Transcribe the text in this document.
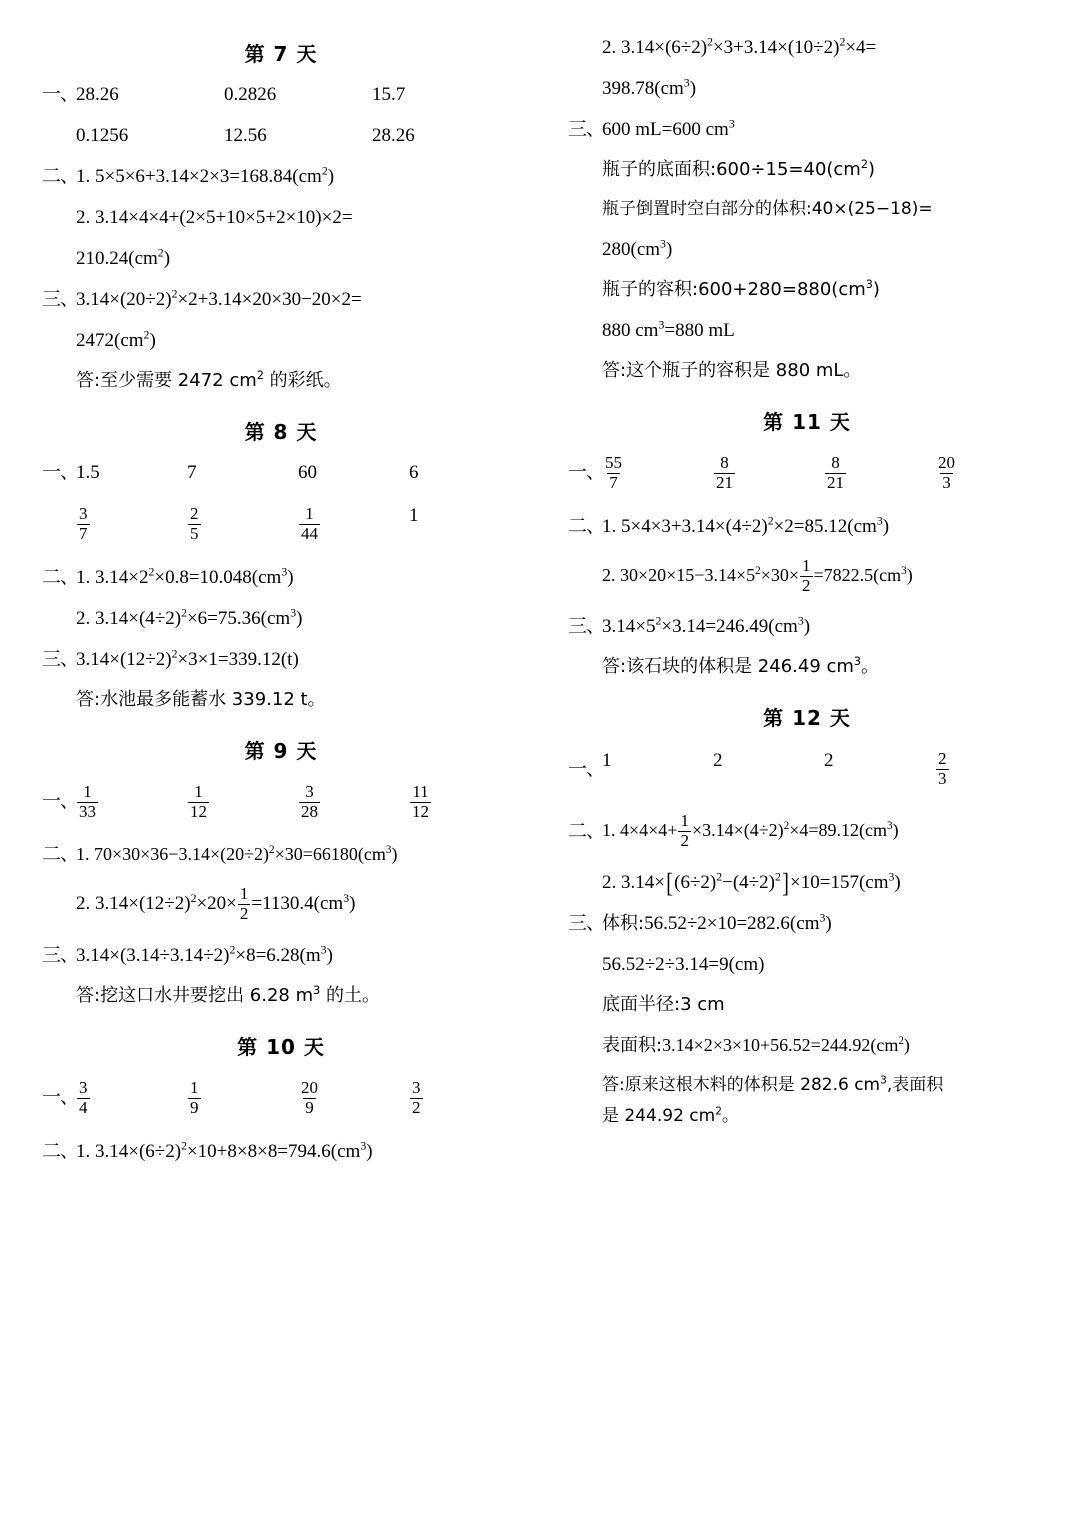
第 7 天
一、
28.26	0.2826	15.7
0.1256	12.56	28.26
二、
1. $5\times 5\times 6+3.14\times 2\times 3=168.84(cm^2)$
2. 3.14×4×4+(2×5+10×5+2×10)×2=
$210.24(cm^2)$
三、
$3.14\times(20\div 2)^2\times 2+3.14\times 20\times 30-20\times 2=$
$2472(cm^2)$
答:至少需要 2472 $cm^2$ 的彩纸。
第 8 天
一、
1.5	7	60	6
$\frac{3}{7}$	$\frac{2}{5}$	$\frac{1}{44}$	1
二、
1. $3.14\times 2^2\times 0.8=10.048(cm^3)$
2. $3.14\times(4\div 2)^2\times 6=75.36(cm^3)$
三、
$3.14\times(12\div 2)^2\times 3\times 1=339.12(t)$
答:水池最多能蓄水 339.12 t。
第 9 天
一、
$\frac{1}{33}$	$\frac{1}{12}$	$\frac{3}{28}$	$\frac{11}{12}$
二、
1. $70\times 30\times 36-3.14\times(20\div 2)^2\times 30=66180(cm^3)$
2. $3.14\times(12\div 2)^2\times 20\times \frac{1}{2} =1130.4(cm^3)$
三、
$3.14\times(3.14\div 3.14\div 2)^2\times 8=6.28(m^3)$
答:挖这口水井要挖出 6.28 $m^3$ 的土。
第 10 天
一、
$\frac{3}{4}$	$\frac{1}{9}$	$\frac{20}{9}$	$\frac{3}{2}$
二、
1. $3.14\times(6\div 2)^2\times 10+8\times 8\times 8=794.6(cm^3)$
2. $3.14\times(6\div 2)^2\times 3+3.14\times(10\div 2)^2\times 4=$
$398.78(cm^3)$
三、
600 mL=600 $cm^3$
瓶子的底面积$:600\div 15=40(cm^2)$
瓶子倒置时空白部分的体积:40×(25−18)=
$280(cm^3)$
瓶子的容积$:600+280=880(cm^3)$
880 $cm^3=880$ mL
答:这个瓶子的容积是 880 mL。
第 11 天
一、
$\frac{55}{7}$	$\frac{8}{21}$	$\frac{8}{21}$	$\frac{20}{3}$
二、
1. $5\times 4\times 3+3.14\times(4\div 2)^2\times 2=85.12(cm^3)$
2. $30\times 20\times 15-3.14\times 5^2\times 30\times \frac{1}{2} =7822.5(cm^3)$
三、
$3.14\times 5^2\times 3.14=246.49(cm^3)$
答:该石块的体积是 246.49 $cm^3$。
第 12 天
一、
1	2	2	$\frac{2}{3}$
二、
1. $4\times 4\times 4+ \frac{1}{2} \times 3.14\times(4\div 2)^2\times 4=89.12(cm^3)$
2. $3.14\times[(6\div 2)^2-(4\div 2)^2]\times 10=157(cm^3)$
三、
体积$:56.52\div 2\times 10=282.6(cm^3)$
56.52÷2÷3.14=9(cm)
底面半径:3 cm
表面积$:3.14\times 2\times 3\times 10+56.52=244.92(cm^2)$
答:原来这根木料的体积是 282.6 $cm^3$,表面积
是 244.92 $cm^2$。
